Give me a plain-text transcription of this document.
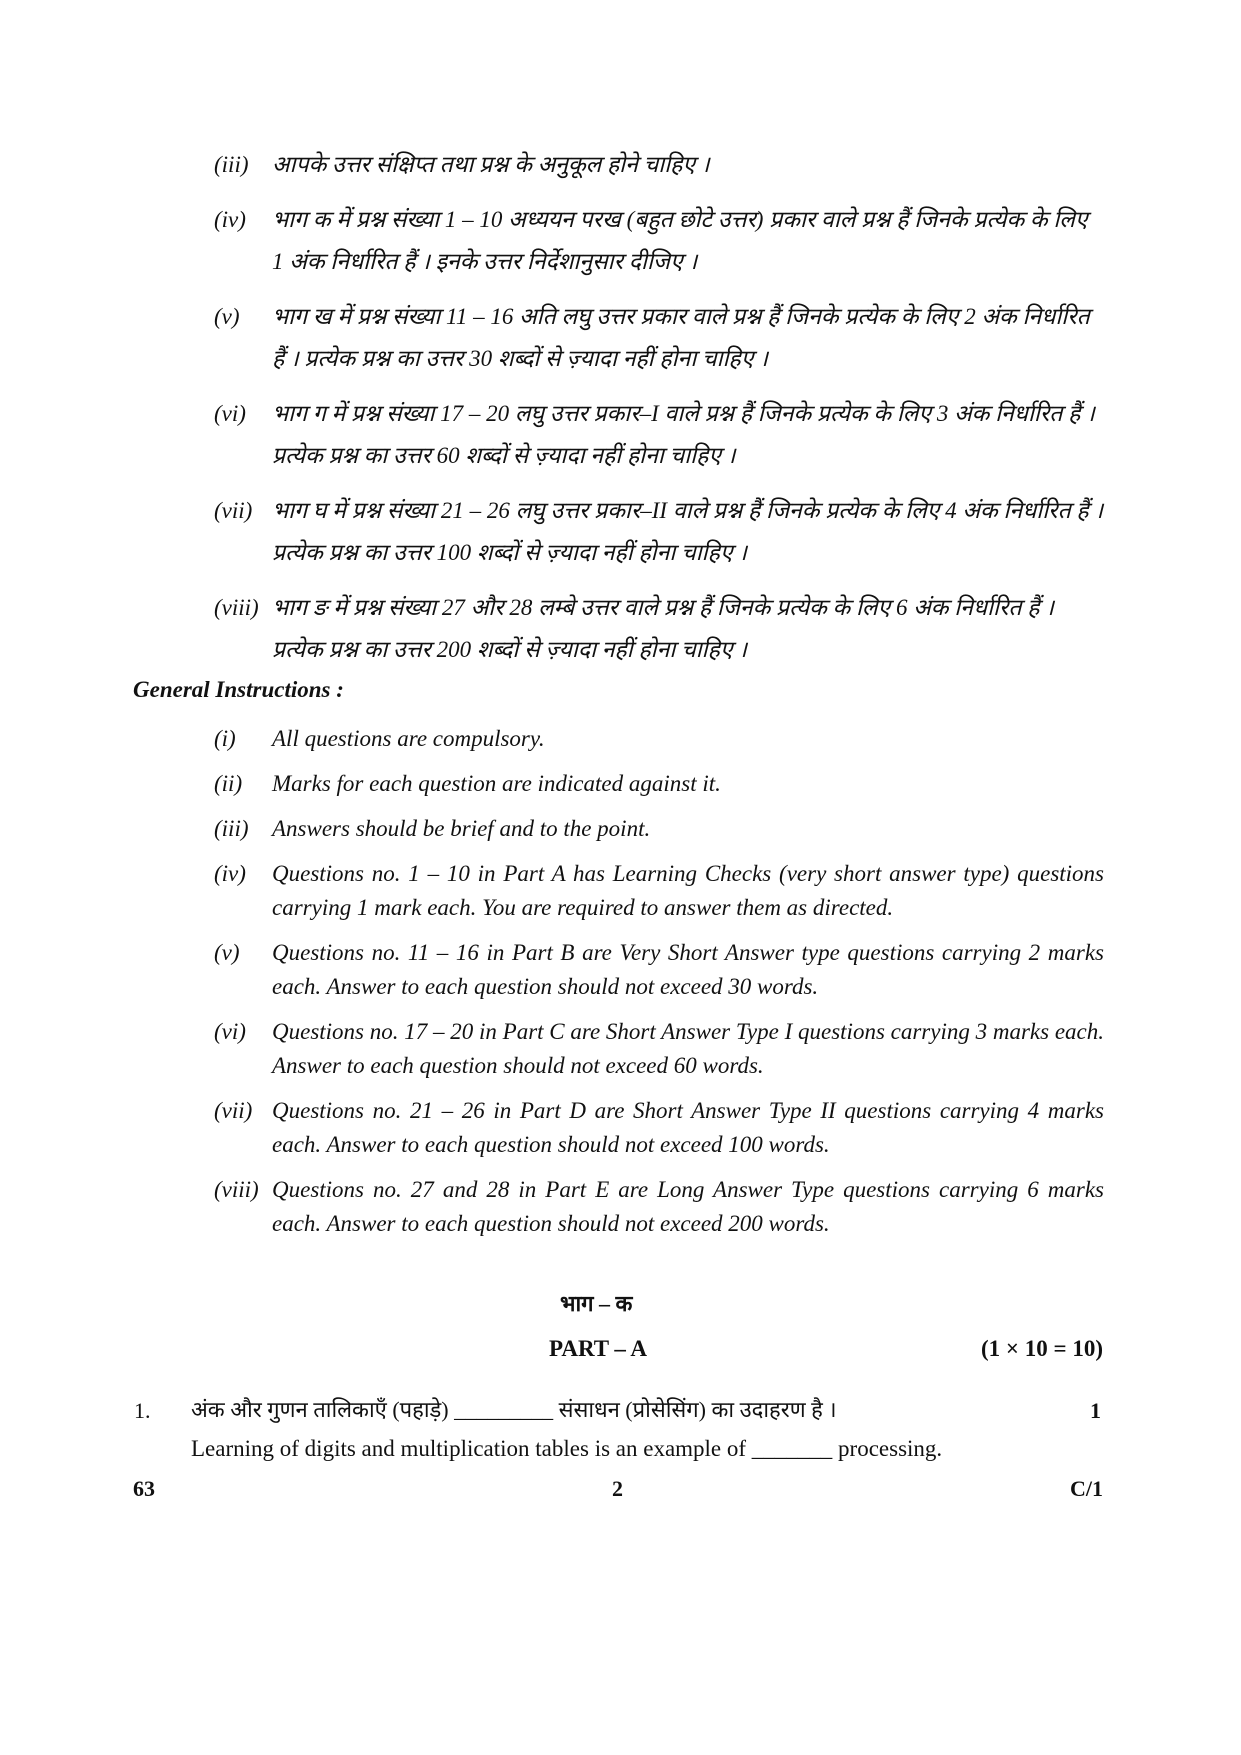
(iii) आपके उत्तर संक्षिप्त तथा प्रश्न के अनुकूल होने चाहिए ।
(iv) भाग क में प्रश्न संख्या 1 – 10 अध्ययन परख (बहुत छोटे उत्तर) प्रकार वाले प्रश्न हैं जिनके प्रत्येक के लिए 1 अंक निर्धारित हैं । इनके उत्तर निर्देशानुसार दीजिए ।
(v) भाग ख में प्रश्न संख्या 11 – 16 अति लघु उत्तर प्रकार वाले प्रश्न हैं जिनके प्रत्येक के लिए 2 अंक निर्धारित हैं । प्रत्येक प्रश्न का उत्तर 30 शब्दों से ज़्यादा नहीं होना चाहिए ।
(vi) भाग ग में प्रश्न संख्या 17 – 20 लघु उत्तर प्रकार–I वाले प्रश्न हैं जिनके प्रत्येक के लिए 3 अंक निर्धारित हैं । प्रत्येक प्रश्न का उत्तर 60 शब्दों से ज़्यादा नहीं होना चाहिए ।
(vii) भाग घ में प्रश्न संख्या 21 – 26 लघु उत्तर प्रकार–II वाले प्रश्न हैं जिनके प्रत्येक के लिए 4 अंक निर्धारित हैं । प्रत्येक प्रश्न का उत्तर 100 शब्दों से ज़्यादा नहीं होना चाहिए ।
(viii) भाग ङ में प्रश्न संख्या 27 और 28 लम्बे उत्तर वाले प्रश्न हैं जिनके प्रत्येक के लिए 6 अंक निर्धारित हैं । प्रत्येक प्रश्न का उत्तर 200 शब्दों से ज़्यादा नहीं होना चाहिए ।
General Instructions :
(i) All questions are compulsory.
(ii) Marks for each question are indicated against it.
(iii) Answers should be brief and to the point.
(iv) Questions no. 1 – 10 in Part A has Learning Checks (very short answer type) questions carrying 1 mark each. You are required to answer them as directed.
(v) Questions no. 11 – 16 in Part B are Very Short Answer type questions carrying 2 marks each. Answer to each question should not exceed 30 words.
(vi) Questions no. 17 – 20 in Part C are Short Answer Type I questions carrying 3 marks each. Answer to each question should not exceed 60 words.
(vii) Questions no. 21 – 26 in Part D are Short Answer Type II questions carrying 4 marks each. Answer to each question should not exceed 100 words.
(viii) Questions no. 27 and 28 in Part E are Long Answer Type questions carrying 6 marks each. Answer to each question should not exceed 200 words.
भाग – क
PART – A	(1 × 10 = 10)
1. अंक और गुणन तालिकाएँ (पहाड़े) _________ संसाधन (प्रोसेसिंग) का उदाहरण है ।	1
Learning of digits and multiplication tables is an example of _______ processing.
63	2	C/1
